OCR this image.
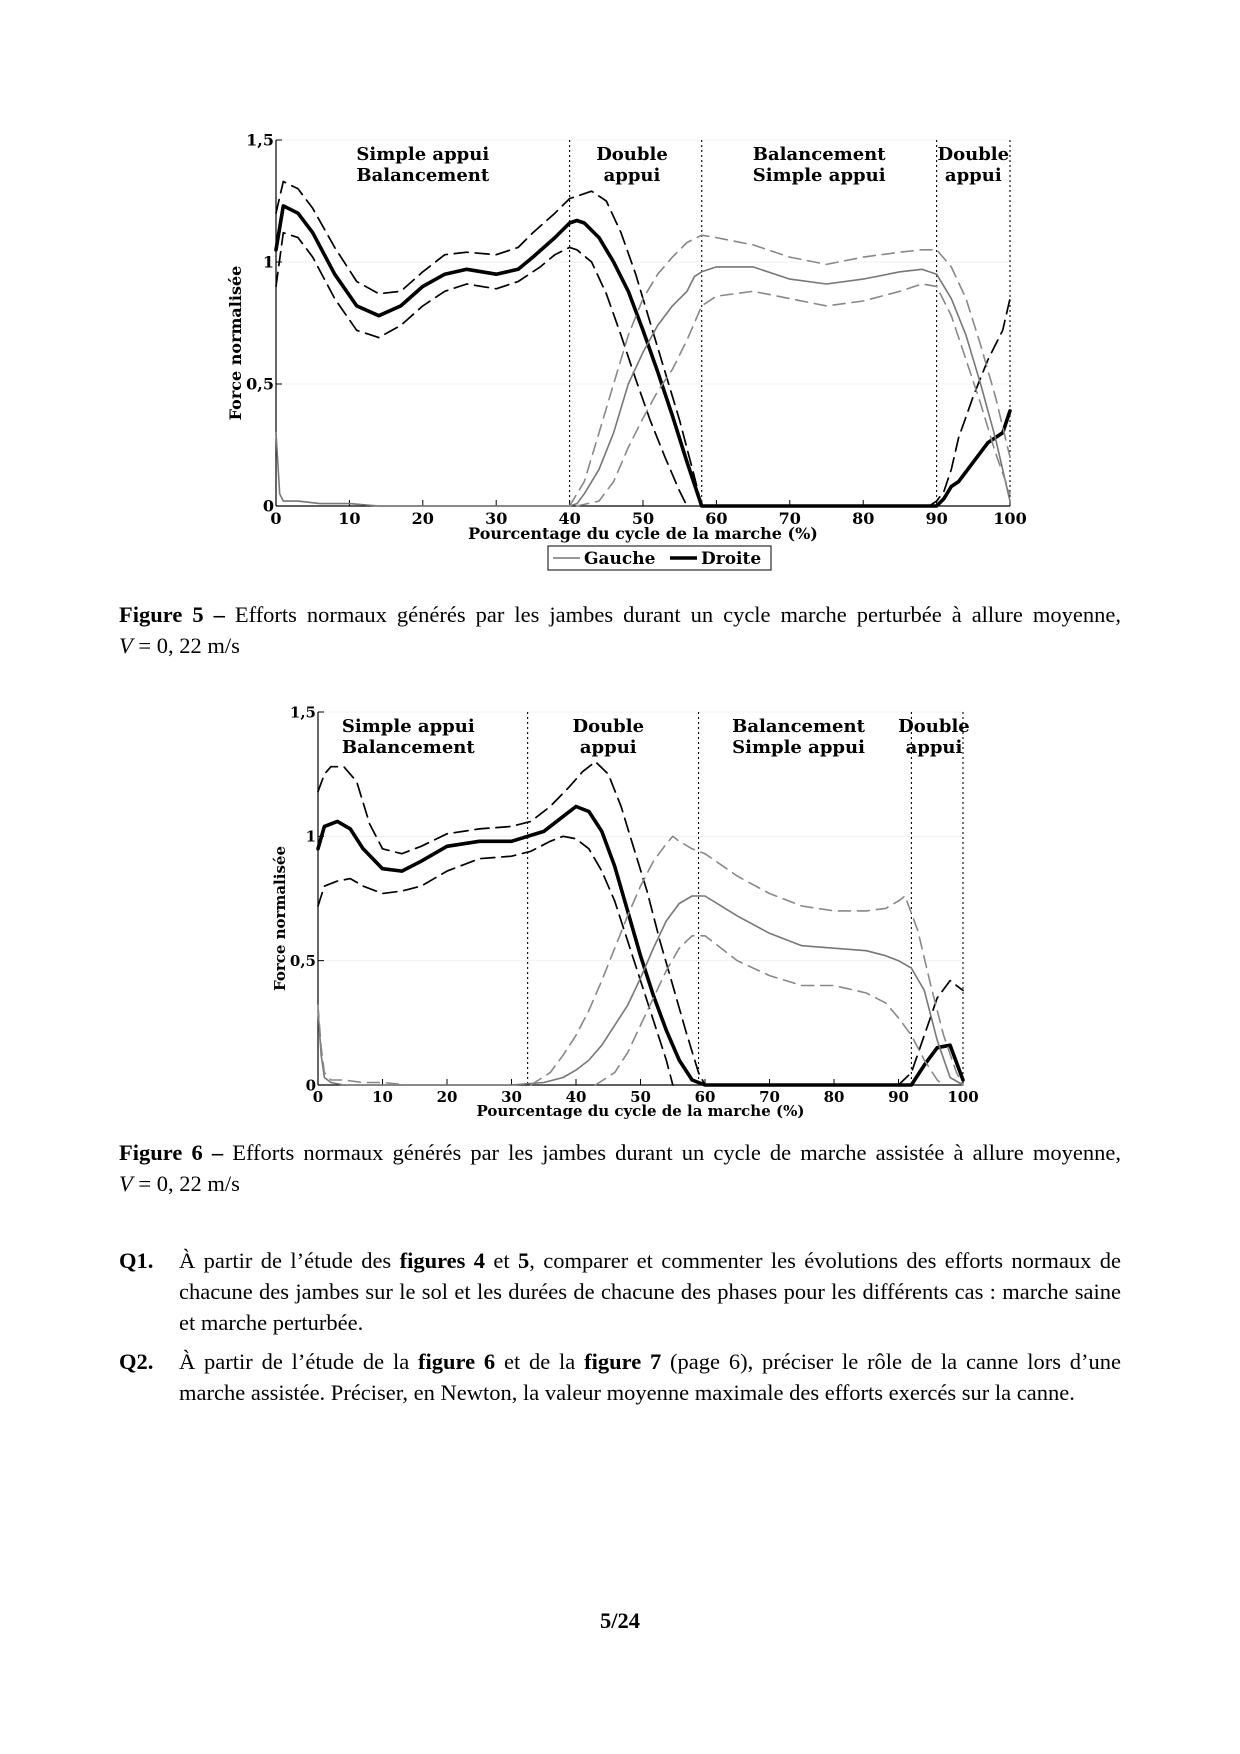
0	10	20	30	40	50	60	70	80	90	100
0
0,5
1
1,5
Pourcentage du cycle de la marche (%)
Force normalisée
Simple appui
Balancement
Double
appui
Balancement
Simple appui
Double
appui
Gauche	Droite
Figure 5 – Efforts normaux générés par les jambes durant un cycle marche perturbée à allure moyenne, V = 0, 22 m/s
0	10	20	30	40	50	60	70	80	90	100
0
0,5
1
1,5
Pourcentage du cycle de la marche (%)
Force normalisée
Simple appui
Balancement
Double
appui
Balancement
Simple appui
Double
appui
Figure 6 – Efforts normaux générés par les jambes durant un cycle de marche assistée à allure moyenne, V = 0, 22 m/s
Q1. À partir de l’étude des figures 4 et 5, comparer et commenter les évolutions des efforts normaux de chacune des jambes sur le sol et les durées de chacune des phases pour les différents cas : marche saine et marche perturbée.
Q2. À partir de l’étude de la figure 6 et de la figure 7 (page 6), préciser le rôle de la canne lors d’une marche assistée. Préciser, en Newton, la valeur moyenne maximale des efforts exercés sur la canne.
5/24
